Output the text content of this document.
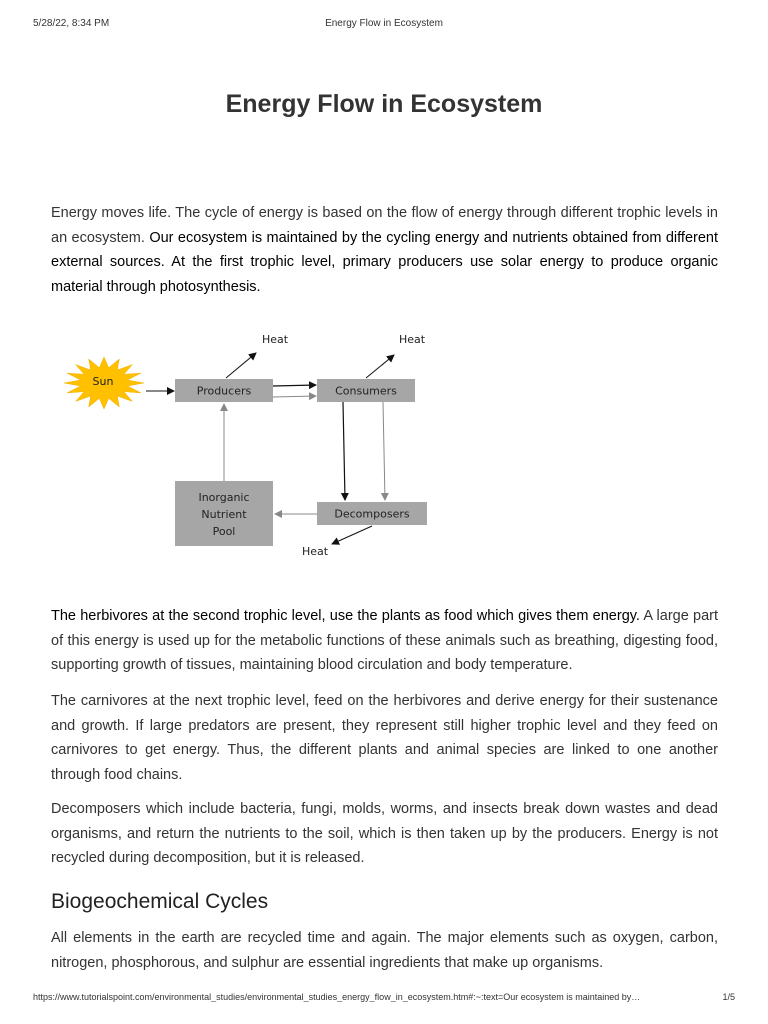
5/28/22, 8:34 PM	Energy Flow in Ecosystem
Energy Flow in Ecosystem

Energy moves life. The cycle of energy is based on the flow of energy through different trophic levels in an ecosystem. Our ecosystem is maintained by the cycling energy and nutrients obtained from different external sources. At the first trophic level, primary producers use solar energy to produce organic material through photosynthesis.

Sun
Producers	Consumers
Heat	Heat
Decomposers
Heat
Inorganic
Nutrient
Pool

The herbivores at the second trophic level, use the plants as food which gives them energy. A large part of this energy is used up for the metabolic functions of these animals such as breathing, digesting food, supporting growth of tissues, maintaining blood circulation and body temperature.

The carnivores at the next trophic level, feed on the herbivores and derive energy for their sustenance and growth. If large predators are present, they represent still higher trophic level and they feed on carnivores to get energy. Thus, the different plants and animal species are linked to one another through food chains.

Decomposers which include bacteria, fungi, molds, worms, and insects break down wastes and dead organisms, and return the nutrients to the soil, which is then taken up by the producers. Energy is not recycled during decomposition, but it is released.

Biogeochemical Cycles

All elements in the earth are recycled time and again. The major elements such as oxygen, carbon, nitrogen, phosphorous, and sulphur are essential ingredients that make up organisms.

https://www.tutorialspoint.com/environmental_studies/environmental_studies_energy_flow_in_ecosystem.htm#:~:text=Our ecosystem is maintained by…	1/5
